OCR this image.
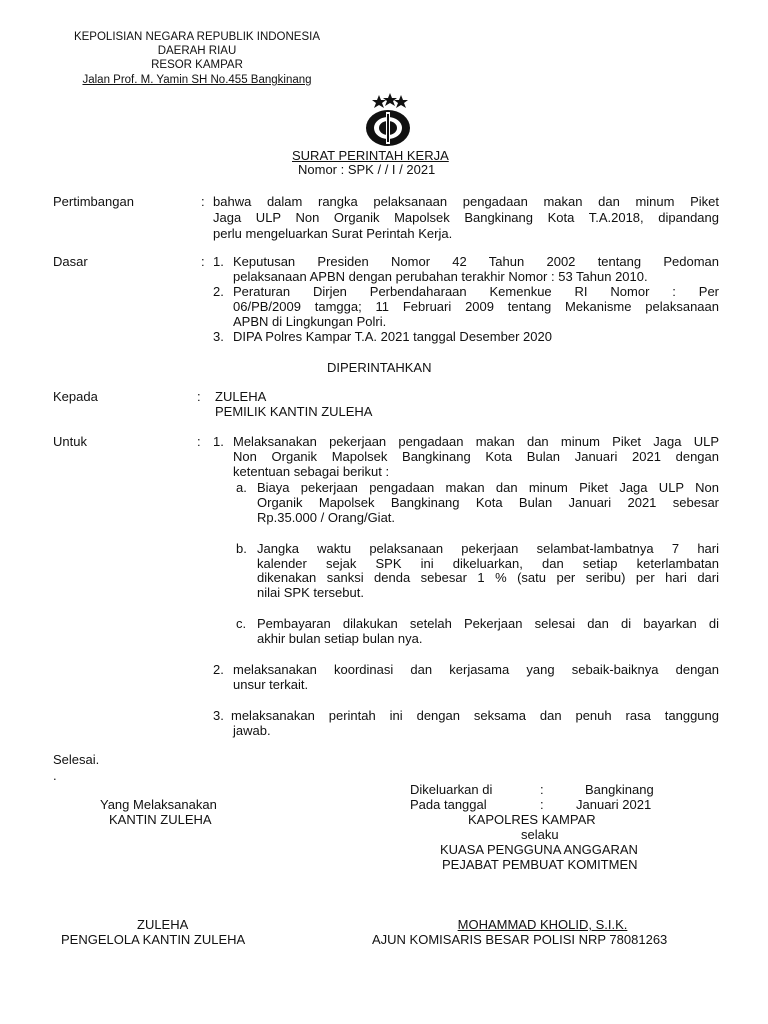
KEPOLISIAN NEGARA REPUBLIK INDONESIA
DAERAH RIAU
RESOR KAMPAR
Jalan Prof. M. Yamin SH No.455 Bangkinang
SURAT PERINTAH KERJA
Nomor : SPK / / I / 2021
Pertimbangan	: bahwa dalam rangka pelaksanaan pengadaan makan dan minum Piket
Jaga ULP Non Organik Mapolsek Bangkinang Kota T.A.2018, dipandang
perlu mengeluarkan Surat Perintah Kerja.
Dasar	: 1. Keputusan Presiden Nomor 42 Tahun 2002 tentang Pedoman
pelaksanaan APBN dengan perubahan terakhir Nomor : 53 Tahun 2010.
2. Peraturan Dirjen Perbendaharaan Kemenkue RI Nomor : Per
06/PB/2009 tamgga; 11 Februari 2009 tentang Mekanisme pelaksanaan
APBN di Lingkungan Polri.
3. DIPA Polres Kampar T.A. 2021 tanggal Desember 2020
DIPERINTAHKAN
Kepada	: ZULEHA
PEMILIK KANTIN ZULEHA
Untuk	: 1. Melaksanakan pekerjaan pengadaan makan dan minum Piket Jaga ULP
Non Organik Mapolsek Bangkinang Kota Bulan Januari 2021 dengan
ketentuan sebagai berikut :
a. Biaya pekerjaan pengadaan makan dan minum Piket Jaga ULP Non
Organik Mapolsek Bangkinang Kota Bulan Januari 2021 sebesar
Rp.35.000 / Orang/Giat.
b. Jangka waktu pelaksanaan pekerjaan selambat-lambatnya 7 hari
kalender sejak SPK ini dikeluarkan, dan setiap keterlambatan
dikenakan sanksi denda sebesar 1 % (satu per seribu) per hari dari
nilai SPK tersebut.
c. Pembayaran dilakukan setelah Pekerjaan selesai dan di bayarkan di
akhir bulan setiap bulan nya.
2. melaksanakan koordinasi dan kerjasama yang sebaik-baiknya dengan
unsur terkait.
3. melaksanakan perintah ini dengan seksama dan penuh rasa tanggung
jawab.
Selesai.
.
Dikeluarkan di	:	Bangkinang
Pada tanggal	: Januari 2021
Yang Melaksanakan
KANTIN ZULEHA
ZULEHA
PENGELOLA KANTIN ZULEHA
KAPOLRES KAMPAR
selaku
KUASA PENGGUNA ANGGARAN
PEJABAT PEMBUAT KOMITMEN
MOHAMMAD KHOLID, S.I.K.
AJUN KOMISARIS BESAR POLISI NRP 78081263
